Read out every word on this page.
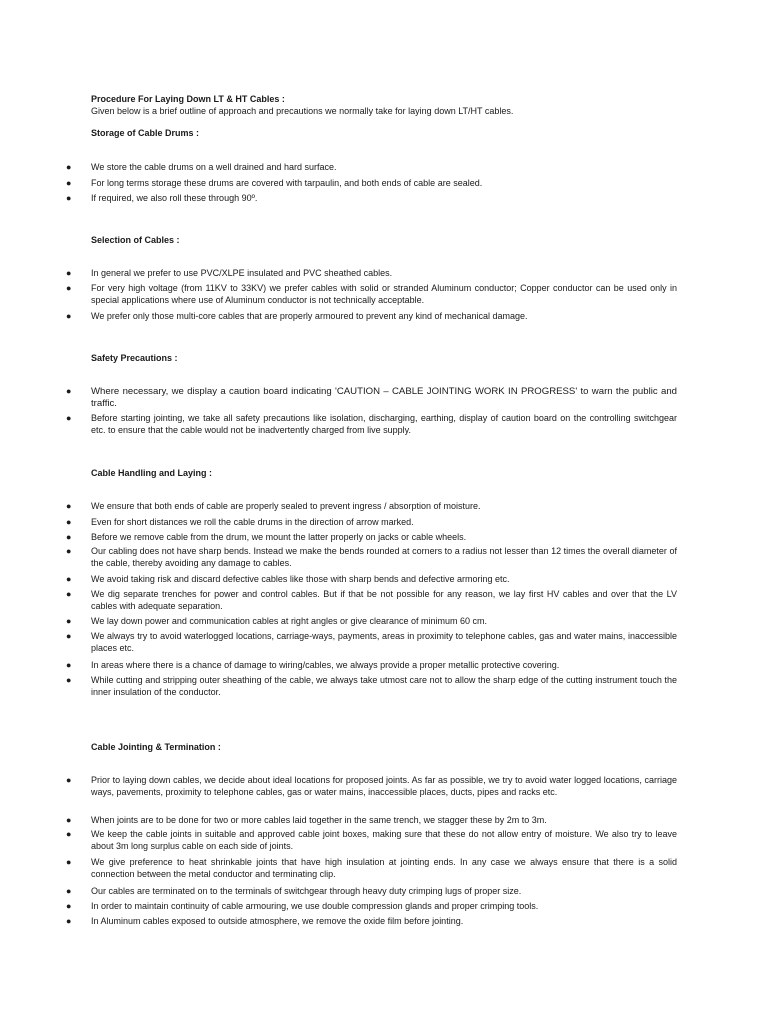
Procedure For Laying Down LT & HT Cables :
Given below is a brief outline of approach and precautions we normally take for laying down LT/HT cables.
Storage of Cable Drums :
●	We store the cable drums on a well drained and hard surface.
●	For long terms storage these drums are covered with tarpaulin, and both ends of cable are sealed.
●	If required, we also roll these through 90º.
Selection of Cables :
●	In general we prefer to use PVC/XLPE insulated and PVC sheathed cables.
●	For very high voltage (from 11KV to 33KV) we prefer cables with solid or stranded Aluminum conductor; Copper conductor can be used only in special applications where use of Aluminum conductor is not technically acceptable.
●	We prefer only those multi-core cables that are properly armoured to prevent any kind of mechanical damage.
Safety Precautions :
●	Where necessary, we display a caution board indicating 'CAUTION – CABLE JOINTING WORK IN PROGRESS' to warn the public and traffic.
●	Before starting jointing, we take all safety precautions like isolation, discharging, earthing, display of caution board on the controlling switchgear etc. to ensure that the cable would not be inadvertently charged from live supply.
Cable Handling and Laying :
●	We ensure that both ends of cable are properly sealed to prevent ingress / absorption of moisture.
●	Even for short distances we roll the cable drums in the direction of arrow marked.
●	Before we remove cable from the drum, we mount the latter properly on jacks or cable wheels.
●	Our cabling does not have sharp bends. Instead we make the bends rounded at corners to a radius not lesser than 12 times the overall diameter of the cable, thereby avoiding any damage to cables.
●	We avoid taking risk and discard defective cables like those with sharp bends and defective armoring etc.
●	We dig separate trenches for power and control cables. But if that be not possible for any reason, we lay first HV cables and over that the LV cables with adequate separation.
●	We lay down power and communication cables at right angles or give clearance of minimum 60 cm.
●	We always try to avoid waterlogged locations, carriage-ways, payments, areas in proximity to telephone cables, gas and water mains, inaccessible places etc.
●	In areas where there is a chance of damage to wiring/cables, we always provide a proper metallic protective covering.
●	While cutting and stripping outer sheathing of the cable, we always take utmost care not to allow the sharp edge of the cutting instrument touch the inner insulation of the conductor.
Cable Jointing & Termination :
●	Prior to laying down cables, we decide about ideal locations for proposed joints. As far as possible, we try to avoid water logged locations, carriage ways, pavements, proximity to telephone cables, gas or water mains, inaccessible places, ducts, pipes and racks etc.
●	When joints are to be done for two or more cables laid together in the same trench, we stagger these by 2m to 3m.
●	We keep the cable joints in suitable and approved cable joint boxes, making sure that these do not allow entry of moisture. We also try to leave about 3m long surplus cable on each side of joints.
●	We give preference to heat shrinkable joints that have high insulation at jointing ends. In any case we always ensure that there is a solid connection between the metal conductor and terminating clip.
●	Our cables are terminated on to the terminals of switchgear through heavy duty crimping lugs of proper size.
●	In order to maintain continuity of cable armouring, we use double compression glands and proper crimping tools.
●	In Aluminum cables exposed to outside atmosphere, we remove the oxide film before jointing.
